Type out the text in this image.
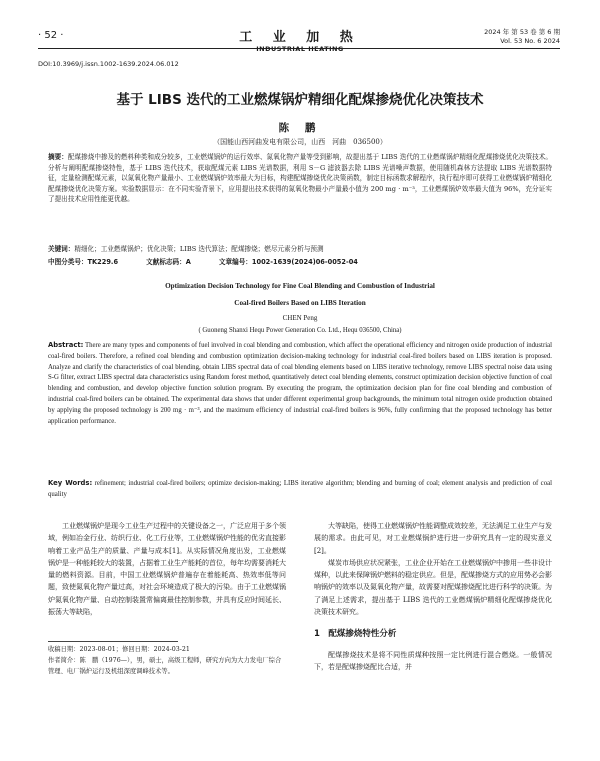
· 52 ·	工 业 加 热
INDUSTRIAL HEATING
2024 年 第 53 卷 第 6 期
Vol. 53 No. 6 2024
DOI:10.3969/j.issn.1002-1639.2024.06.012
基于 LIBS 迭代的工业燃煤锅炉精细化配煤掺烧优化决策技术
陈 鹏
（国能山西河曲发电有限公司，山西　河曲　036500）
摘要：配煤掺烧中掺及的燃料种类和成分较多，工业燃煤锅炉的运行效率、氮氧化物产量等受到影响，故提出基于 LIBS 迭代的工业燃煤锅炉精细化配煤掺烧优化决策技术。分析与阐明配煤掺烧特性，基于 LIBS 迭代技术，获取配煤元素 LIBS 光谱数据，利用 S－G 滤波器去除 LIBS 光谱噪声数据，使用随机森林方法提取 LIBS 光谱数据特征，定量检测配煤元素，以氮氧化物产量最小、工业燃煤锅炉效率最大为目标，构建配煤掺烧优化决策函数，制定目标函数求解程序，执行程序即可获得工业燃煤锅炉精细化配煤掺烧优化决策方案。实验数据显示：在不同实验背景下，应用提出技术获得的氮氧化物最小产量最小值为 200 mg · m⁻³，工业燃煤锅炉效率最大值为 96%，充分证实了提出技术应用性能更优越。
关键词：精细化；工业燃煤锅炉；优化决策；LIBS 迭代算法；配煤掺烧；燃尽元素分析与预测
中图分类号：TK229.6	文献标志码：A	文章编号：1002-1639(2024)06-0052-04
Optimization Decision Technology for Fine Coal Blending and Combustion of Industrial
Coal-fired Boilers Based on LIBS Iteration
CHEN Peng
( Guoneng Shanxi Hequ Power Generation Co. Ltd., Hequ 036500, China)
Abstract: There are many types and components of fuel involved in coal blending and combustion, which affect the operational efficiency and nitrogen oxide production of industrial coal-fired boilers. Therefore, a refined coal blending and combustion optimization decision-making technology for industrial coal-fired boilers based on LIBS iteration is proposed. Analyze and clarify the characteristics of coal blending, obtain LIBS spectral data of coal blending elements based on LIBS iterative technology, remove LIBS spectral noise data using S-G filter, extract LIBS spectral data characteristics using Random forest method, quantitatively detect coal blending elements, construct optimization decision objective function of coal blending and combustion, and develop objective function solution program. By executing the program, the optimization decision plan for fine coal blending and combustion of industrial coal-fired boilers can be obtained. The experimental data shows that under different experimental group backgrounds, the minimum total nitrogen oxide production obtained by applying the proposed technology is 200 mg · m⁻³, and the maximum efficiency of industrial coal-fired boilers is 96%, fully confirming that the proposed technology has better application performance.
Key Words: refinement; industrial coal-fired boilers; optimize decision-making; LIBS iterative algorithm; blending and burning of coal; element analysis and prediction of coal quality

工业燃煤锅炉是现今工业生产过程中的关键设备之一，广泛应用于多个领域，例如冶金行业、纺织行业、化工行业等，工业燃煤锅炉性能的优劣直接影响着工业产品生产的质量、产量与成本[1]。从实际情况角度出发，工业燃煤锅炉是一种能耗较大的装置，占据着工业生产能耗的首位，每年均需要消耗大量的燃料资源。目前，中国工业燃煤锅炉普遍存在着能耗高、热效率低等问题，致使氮氧化物产量过高，对社会环境造成了极大的污染。由于工业燃煤锅炉氮氧化物产量、自动控制装置常偏离最佳控制参数，并具有反应时间延长、振荡大等缺陷，

收稿日期：2023-08-01；修回日期：2024-03-21
作者简介：陈　鹏（1976—），男，硕士，高级工程师，研究方向为大力发电厂综合管理、电厂锅炉运行及机组深度调峰技术等。

大等缺陷，使得工业燃煤锅炉性能调整成效较差，无法满足工业生产与发展的需求。由此可见，对工业燃煤锅炉进行进一步研究具有一定的现实意义[2]。

煤炭市场供应状况紧张，工业企业开始在工业燃煤锅炉中掺用一些非设计煤种，以此来保障锅炉燃料的稳定供应。但是，配煤掺烧方式的应用势必会影响锅炉的效率以及氮氧化物产量，故需要对配煤掺烧配比进行科学的决策。为了满足上述需求，提出基于 LIBS 迭代的工业燃煤锅炉精细化配煤掺烧优化决策技术研究。

1　配煤掺烧特性分析

配煤掺烧技术是将不同性质煤种按照一定比例进行混合燃烧。一般情况下，若是配煤掺烧配比合适，并
